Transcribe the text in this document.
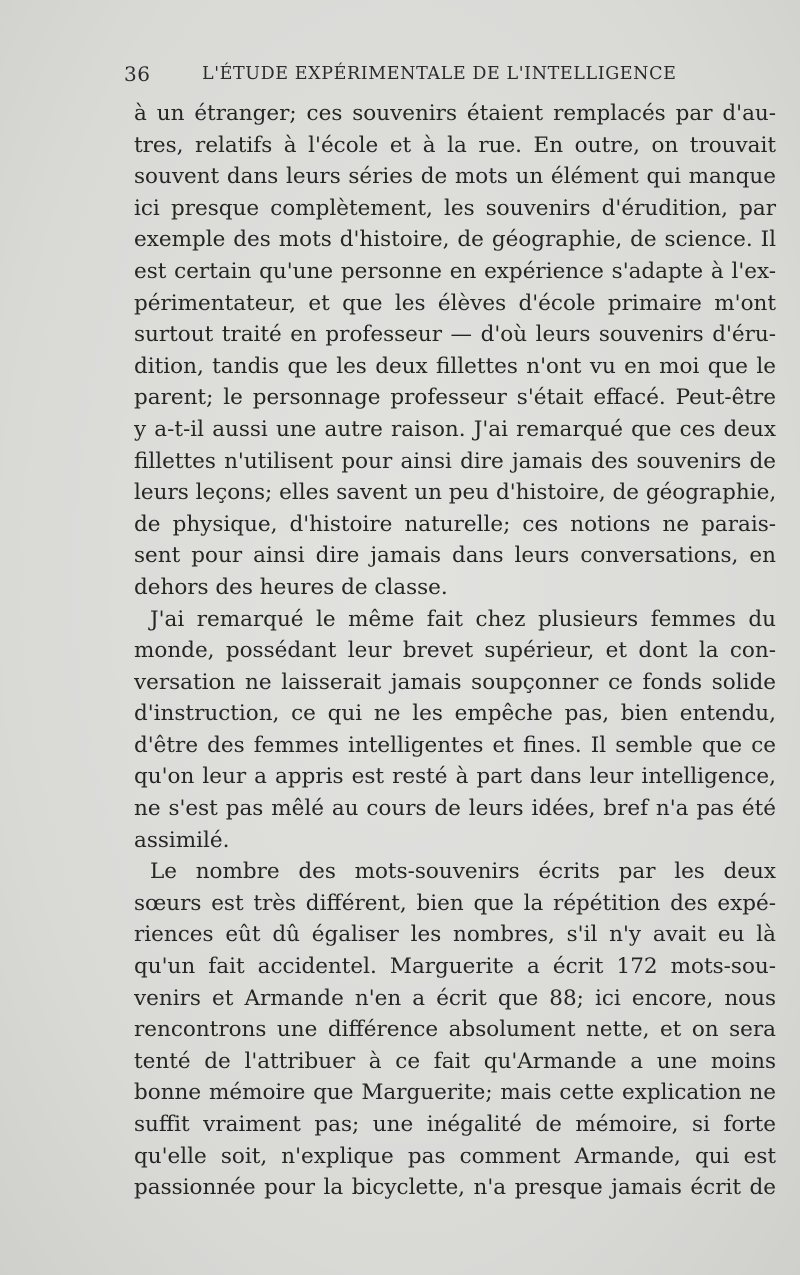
36	L'ÉTUDE EXPÉRIMENTALE DE L'INTELLIGENCE
à un étranger; ces souvenirs étaient remplacés par d'au-
tres, relatifs à l'école et à la rue. En outre, on trouvait
souvent dans leurs séries de mots un élément qui manque
ici presque complètement, les souvenirs d'érudition, par
exemple des mots d'histoire, de géographie, de science. Il
est certain qu'une personne en expérience s'adapte à l'ex-
périmentateur, et que les élèves d'école primaire m'ont
surtout traité en professeur — d'où leurs souvenirs d'éru-
dition, tandis que les deux fillettes n'ont vu en moi que le
parent; le personnage professeur s'était effacé. Peut-être
y a-t-il aussi une autre raison. J'ai remarqué que ces deux
fillettes n'utilisent pour ainsi dire jamais des souvenirs de
leurs leçons; elles savent un peu d'histoire, de géographie,
de physique, d'histoire naturelle; ces notions ne parais-
sent pour ainsi dire jamais dans leurs conversations, en
dehors des heures de classe.
J'ai remarqué le même fait chez plusieurs femmes du
monde, possédant leur brevet supérieur, et dont la con-
versation ne laisserait jamais soupçonner ce fonds solide
d'instruction, ce qui ne les empêche pas, bien entendu,
d'être des femmes intelligentes et fines. Il semble que ce
qu'on leur a appris est resté à part dans leur intelligence,
ne s'est pas mêlé au cours de leurs idées, bref n'a pas été
assimilé.
Le nombre des mots-souvenirs écrits par les deux
sœurs est très différent, bien que la répétition des expé-
riences eût dû égaliser les nombres, s'il n'y avait eu là
qu'un fait accidentel. Marguerite a écrit 172 mots-sou-
venirs et Armande n'en a écrit que 88; ici encore, nous
rencontrons une différence absolument nette, et on sera
tenté de l'attribuer à ce fait qu'Armande a une moins
bonne mémoire que Marguerite; mais cette explication ne
suffit vraiment pas; une inégalité de mémoire, si forte
qu'elle soit, n'explique pas comment Armande, qui est
passionnée pour la bicyclette, n'a presque jamais écrit de
